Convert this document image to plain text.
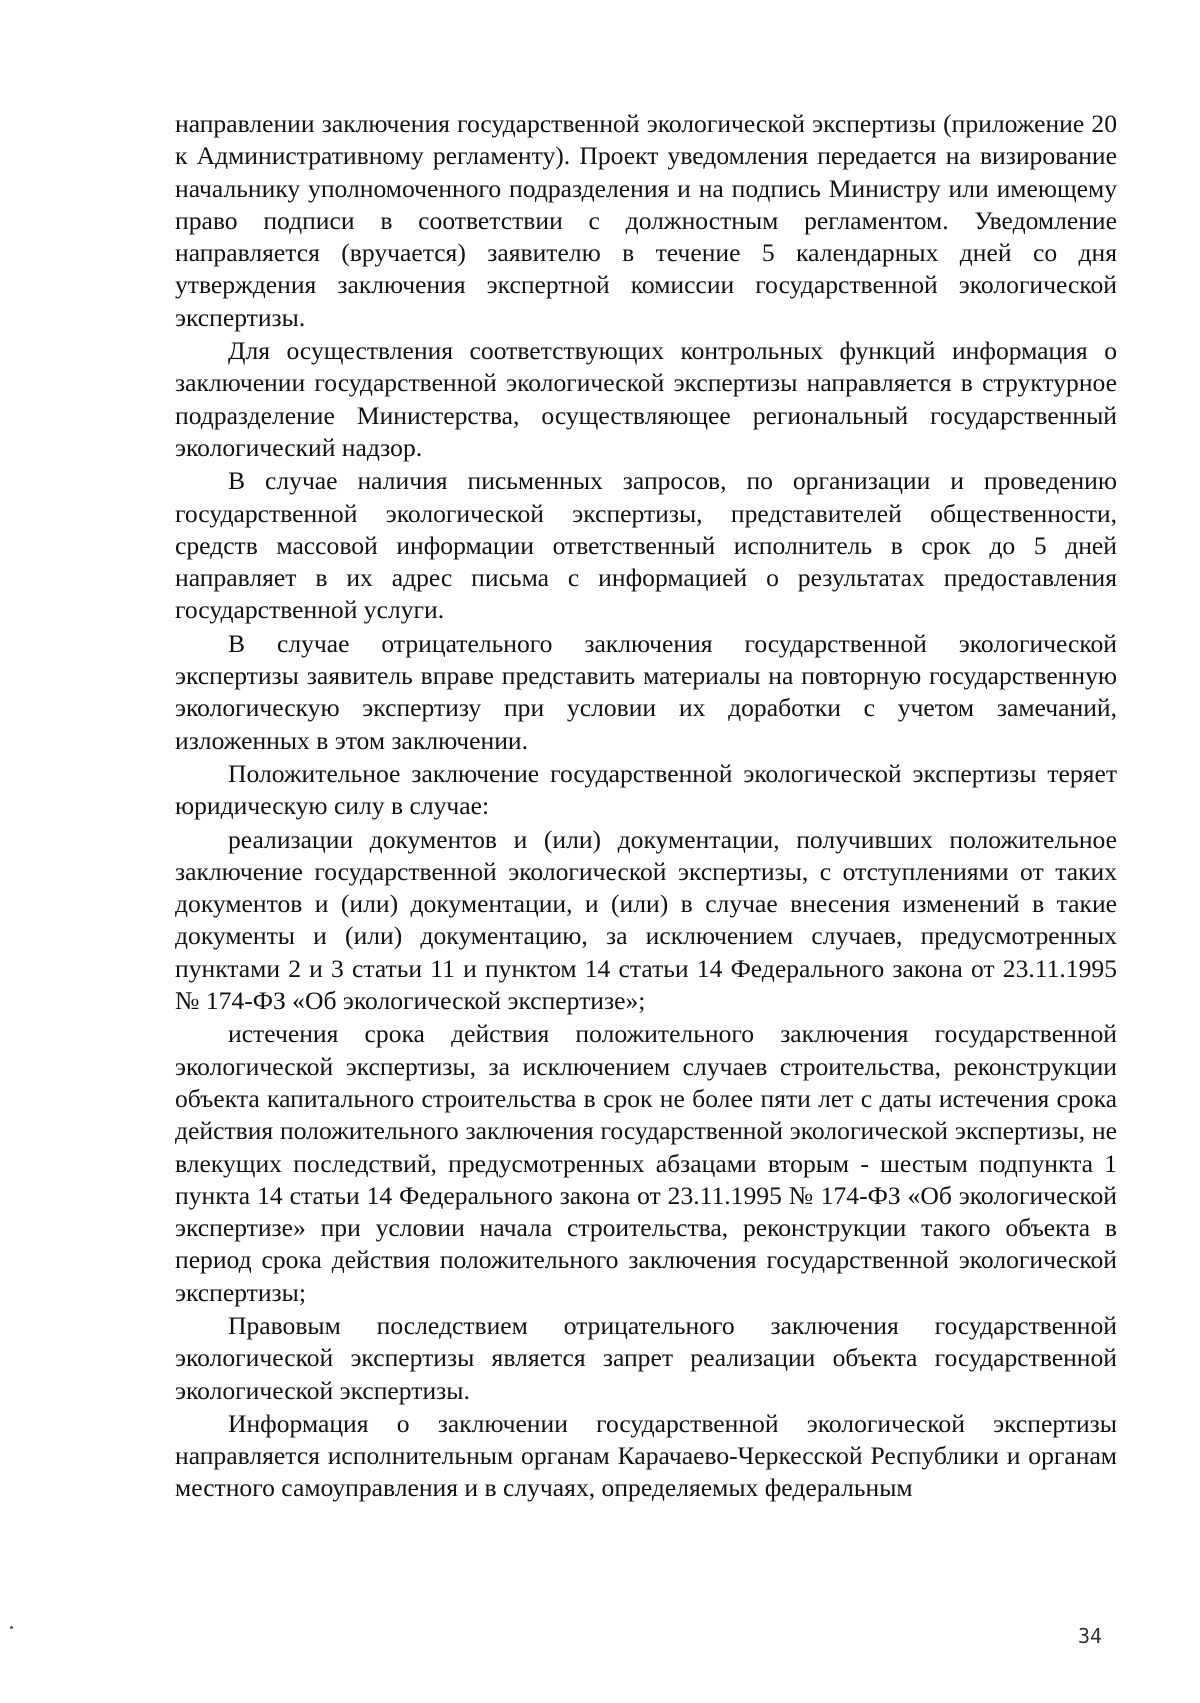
направлении заключения государственной экологической экспертизы (приложение 20 к Административному регламенту). Проект уведомления передается на визирование начальнику уполномоченного подразделения и на подпись Министру или имеющему право подписи в соответствии с должностным регламентом. Уведомление направляется (вручается) заявителю в течение 5 календарных дней со дня утверждения заключения экспертной комиссии государственной экологической экспертизы.

Для осуществления соответствующих контрольных функций информация о заключении государственной экологической экспертизы направляется в структурное подразделение Министерства, осуществляющее региональный государственный экологический надзор.

В случае наличия письменных запросов, по организации и проведению государственной экологической экспертизы, представителей общественности, средств массовой информации ответственный исполнитель в срок до 5 дней направляет в их адрес письма с информацией о результатах предоставления государственной услуги.

В случае отрицательного заключения государственной экологической экспертизы заявитель вправе представить материалы на повторную государственную экологическую экспертизу при условии их доработки с учетом замечаний, изложенных в этом заключении.

Положительное заключение государственной экологической экспертизы теряет юридическую силу в случае:

реализации документов и (или) документации, получивших положительное заключение государственной экологической экспертизы, с отступлениями от таких документов и (или) документации, и (или) в случае внесения изменений в такие документы и (или) документацию, за исключением случаев, предусмотренных пунктами 2 и 3 статьи 11 и пунктом 14 статьи 14 Федерального закона от 23.11.1995 № 174-ФЗ «Об экологической экспертизе»;

истечения срока действия положительного заключения государственной экологической экспертизы, за исключением случаев строительства, реконструкции объекта капитального строительства в срок не более пяти лет с даты истечения срока действия положительного заключения государственной экологической экспертизы, не влекущих последствий, предусмотренных абзацами вторым - шестым подпункта 1 пункта 14 статьи 14 Федерального закона от 23.11.1995 № 174-ФЗ «Об экологической экспертизе» при условии начала строительства, реконструкции такого объекта в период срока действия положительного заключения государственной экологической экспертизы;

Правовым последствием отрицательного заключения государственной экологической экспертизы является запрет реализации объекта государственной экологической экспертизы.

Информация о заключении государственной экологической экспертизы направляется исполнительным органам Карачаево-Черкесской Республики и органам местного самоуправления и в случаях, определяемых федеральным

34
